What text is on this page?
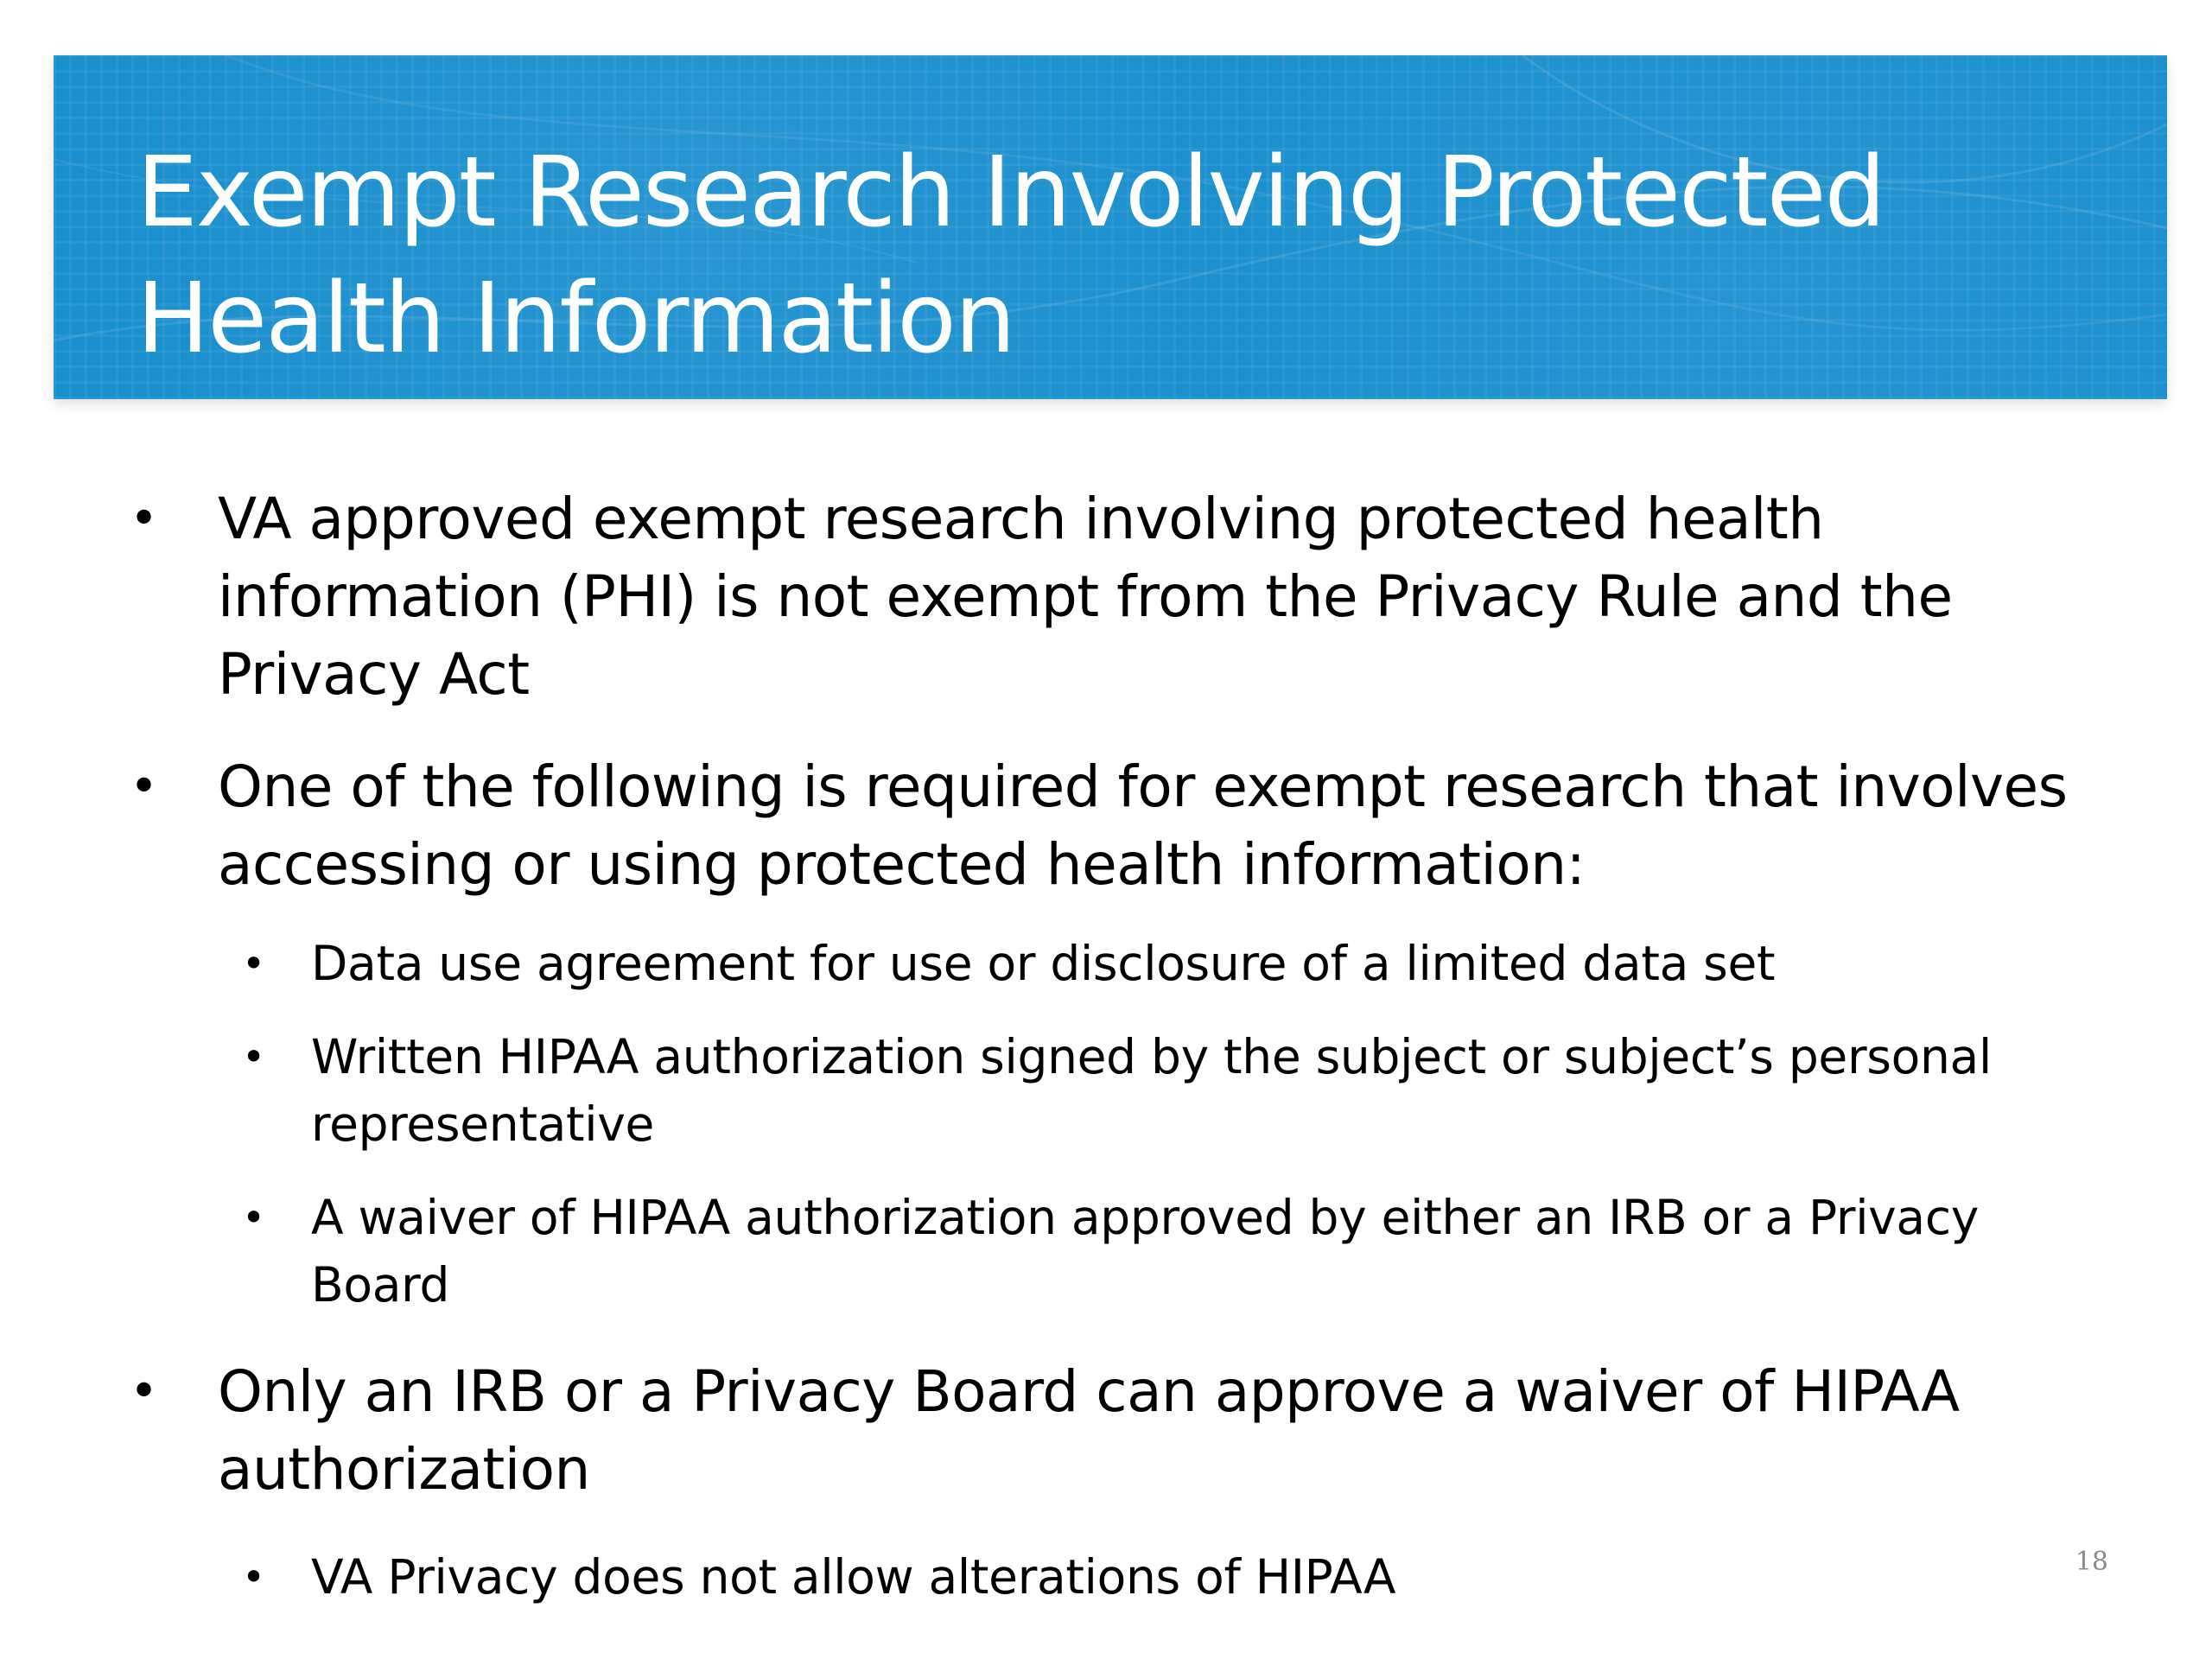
Exempt Research Involving Protected Health Information
• VA approved exempt research involving protected health information (PHI) is not exempt from the Privacy Rule and the Privacy Act
• One of the following is required for exempt research that involves accessing or using protected health information:
• Data use agreement for use or disclosure of a limited data set
• Written HIPAA authorization signed by the subject or subject’s personal representative
• A waiver of HIPAA authorization approved by either an IRB or a Privacy Board
• Only an IRB or a Privacy Board can approve a waiver of HIPAA authorization
• VA Privacy does not allow alterations of HIPAA	18
